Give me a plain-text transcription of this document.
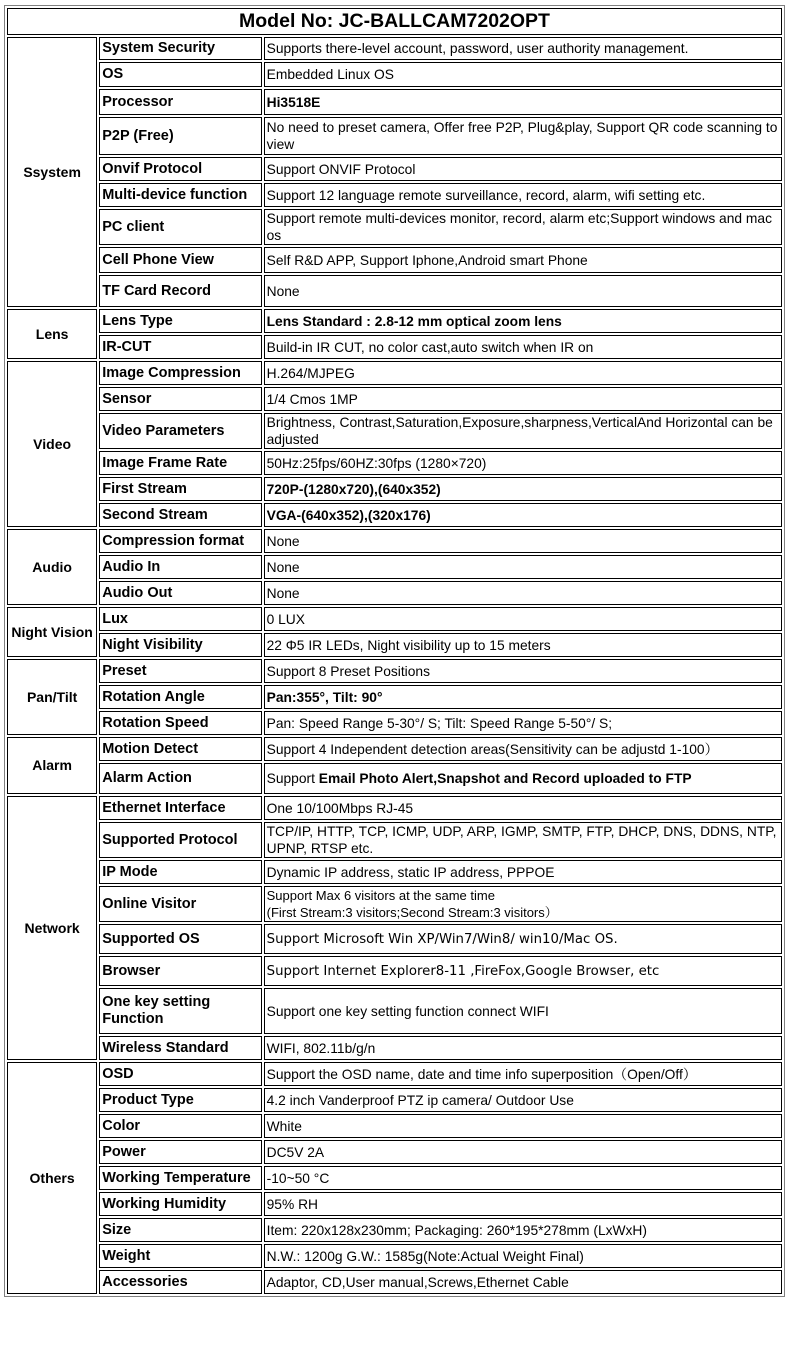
Model No: JC-BALLCAM7202OPT		
Ssystem	System Security	Supports there-level account, password, user authority management.
	OS	Embedded Linux OS
	Processor	Hi3518E
	P2P (Free)	No need to preset camera, Offer free P2P, Plug&play, Support QR code scanning to view
	Onvif Protocol	Support ONVIF Protocol
	Multi-device function	Support 12 language remote surveillance, record, alarm, wifi setting etc.
	PC client	Support remote multi-devices monitor, record, alarm etc;Support windows and mac os
	Cell Phone View	Self R&D APP, Support Iphone,Android smart Phone
	TF Card Record	None
Lens	Lens Type	Lens Standard : 2.8-12 mm optical zoom lens
	IR-CUT	Build-in IR CUT, no color cast,auto switch when IR on
Video	Image Compression	H.264/MJPEG
	Sensor	1/4 Cmos 1MP
	Video Parameters	Brightness, Contrast,Saturation,Exposure,sharpness,VerticalAnd Horizontal can be adjusted
	Image Frame Rate	50Hz:25fps/60HZ:30fps (1280×720)
	First Stream	720P-(1280x720),(640x352)
	Second Stream	VGA-(640x352),(320x176)
Audio	Compression format	None
	Audio In	None
	Audio Out	None
Night Vision	Lux	0 LUX
	Night Visibility	22 Φ5 IR LEDs, Night visibility up to 15 meters
Pan/Tilt	Preset	Support 8 Preset Positions
	Rotation Angle	Pan:355°, Tilt: 90°
	Rotation Speed	Pan: Speed Range 5-30°/ S; Tilt: Speed Range 5-50°/ S;
Alarm	Motion Detect	Support 4 Independent detection areas(Sensitivity can be adjustd 1-100）
	Alarm Action	Support Email Photo Alert,Snapshot and Record uploaded to FTP
Network	Ethernet Interface	One 10/100Mbps RJ-45
	Supported Protocol	TCP/IP, HTTP, TCP, ICMP, UDP, ARP, IGMP, SMTP, FTP, DHCP, DNS, DDNS, NTP, UPNP, RTSP etc.
	IP Mode	Dynamic IP address, static IP address, PPPOE
	Online Visitor	Support Max 6 visitors at the same time
(First Stream:3 visitors;Second Stream:3 visitors）
	Supported OS	Support Microsoft Win XP/Win7/Win8/ win10/Mac OS.
	Browser	Support Internet Explorer8-11 ,FireFox,Google Browser, etc
	One key setting Function	Support one key setting function connect WIFI
	Wireless Standard	WIFI, 802.11b/g/n
Others	OSD	Support the OSD name, date and time info superposition（Open/Off）
	Product Type	4.2 inch Vanderproof PTZ ip camera/ Outdoor Use
	Color	White
	Power	DC5V 2A
	Working Temperature	-10~50 °C
	Working Humidity	95% RH
	Size	Item: 220x128x230mm; Packaging: 260*195*278mm (LxWxH)
	Weight	N.W.: 1200g G.W.: 1585g(Note:Actual Weight Final)
	Accessories	Adaptor, CD,User manual,Screws,Ethernet Cable
